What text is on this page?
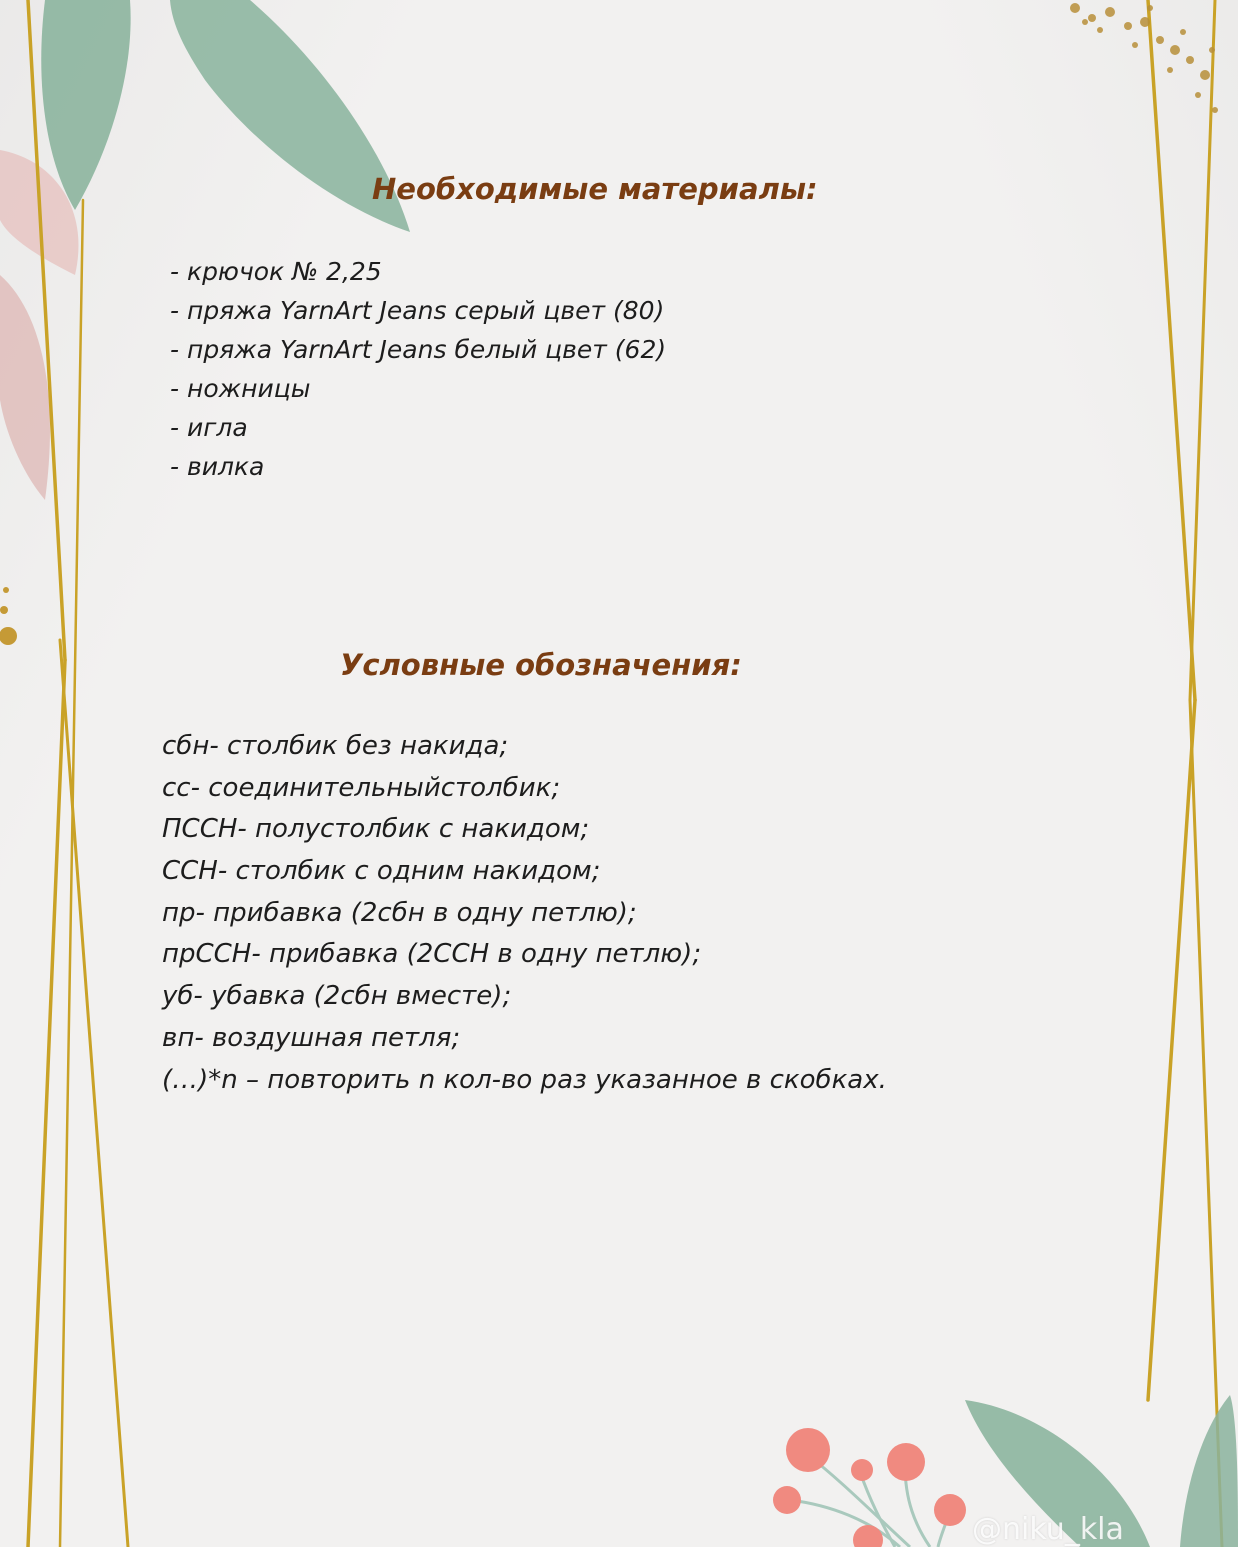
Необходимые материалы:
- крючок № 2,25
- пряжа YarnArt Jeans серый цвет (80)
- пряжа YarnArt Jeans белый цвет (62)
- ножницы
- игла
- вилка
Условные обозначения:
сбн- столбик без накида;
сс- соединительныйстолбик;
ПССН- полустолбик с накидом;
ССН- столбик с одним накидом;
пр- прибавка (2сбн в одну петлю);
прССН- прибавка (2ССН в одну петлю);
уб- убавка (2сбн вместе);
вп- воздушная петля;
(…)*n – повторить n кол-во раз указанное в скобках.
@niku_kla
